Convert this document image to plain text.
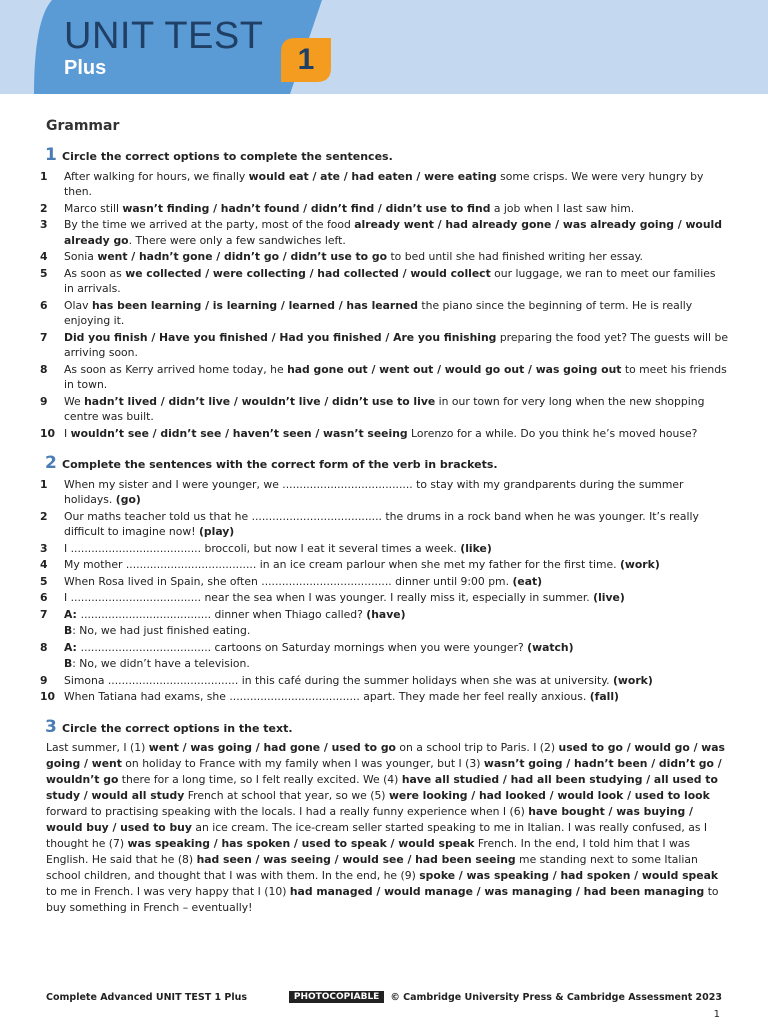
UNIT TEST
Plus	1
Grammar
1 Circle the correct options to complete the sentences.
1	After walking for hours, we finally would eat / ate / had eaten / were eating some crisps. We were very hungry by then.
2	Marco still wasn’t finding / hadn’t found / didn’t find / didn’t use to find a job when I last saw him.
3	By the time we arrived at the party, most of the food already went / had already gone / was already going / would already go. There were only a few sandwiches left.
4	Sonia went / hadn’t gone / didn’t go / didn’t use to go to bed until she had finished writing her essay.
5	As soon as we collected / were collecting / had collected / would collect our luggage, we ran to meet our families in arrivals.
6	Olav has been learning / is learning / learned / has learned the piano since the beginning of term. He is really enjoying it.
7	Did you finish / Have you finished / Had you finished / Are you finishing preparing the food yet? The guests will be arriving soon.
8	As soon as Kerry arrived home today, he had gone out / went out / would go out / was going out to meet his friends in town.
9	We hadn’t lived / didn’t live / wouldn’t live / didn’t use to live in our town for very long when the new shopping centre was built.
10 I wouldn’t see / didn’t see / haven’t seen / wasn’t seeing Lorenzo for a while. Do you think he’s moved house?
2 Complete the sentences with the correct form of the verb in brackets.
1	When my sister and I were younger, we ...................................... to stay with my grandparents during the summer holidays. (go)
2	Our maths teacher told us that he ...................................... the drums in a rock band when he was younger. It’s really difficult to imagine now! (play)
3	I ...................................... broccoli, but now I eat it several times a week. (like)
4	My mother ...................................... in an ice cream parlour when she met my father for the first time. (work)
5	When Rosa lived in Spain, she often ...................................... dinner until 9:00 pm. (eat)
6	I ...................................... near the sea when I was younger. I really miss it, especially in summer. (live)
7	A: ...................................... dinner when Thiago called? (have)
B: No, we had just finished eating.
8	A: ...................................... cartoons on Saturday mornings when you were younger? (watch)
B: No, we didn’t have a television.
9	Simona ...................................... in this café during the summer holidays when she was at university. (work)
10 When Tatiana had exams, she ...................................... apart. They made her feel really anxious. (fall)
3 Circle the correct options in the text.
Last summer, I (1) went / was going / had gone / used to go on a school trip to Paris. I (2) used to go / would go / was going / went on holiday to France with my family when I was younger, but I (3) wasn’t going / hadn’t been / didn’t go / wouldn’t go there for a long time, so I felt really excited. We (4) have all studied / had all been studying / all used to study / would all study French at school that year, so we (5) were looking / had looked / would look / used to look forward to practising speaking with the locals. I had a really funny experience when I (6) have bought / was buying / would buy / used to buy an ice cream. The ice-cream seller started speaking to me in Italian. I was really confused, as I thought he (7) was speaking / has spoken / used to speak / would speak French. In the end, I told him that I was English. He said that he (8) had seen / was seeing / would see / had been seeing me standing next to some Italian school children, and thought that I was with them. In the end, he (9) spoke / was speaking / had spoken / would speak to me in French. I was very happy that I (10) had managed / would manage / was managing / had been managing to buy something in French – eventually!
Complete Advanced UNIT TEST 1 Plus	PHOTOCOPIABLE	© Cambridge University Press & Cambridge Assessment 2023
1
